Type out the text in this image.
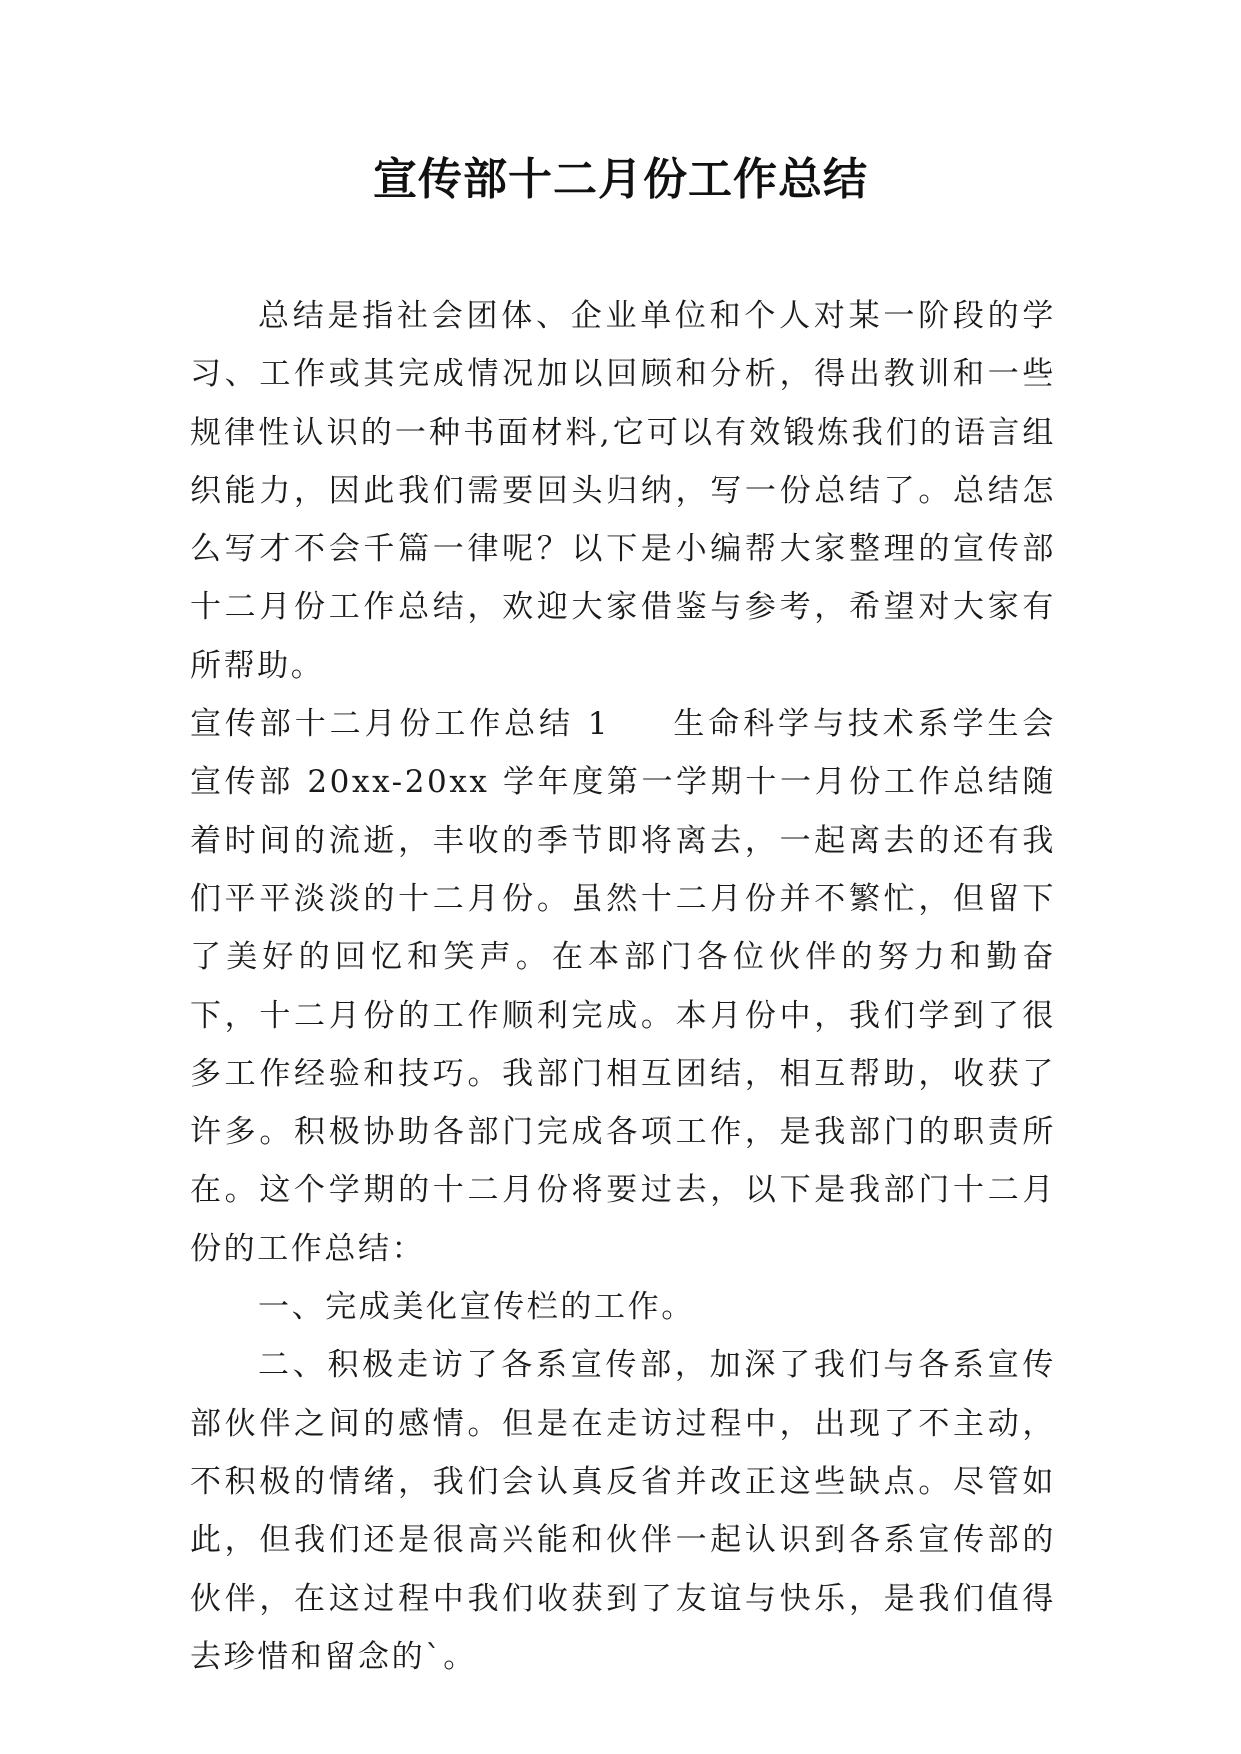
宣传部十二月份工作总结

总结是指社会团体、企业单位和个人对某一阶段的学习、工作或其完成情况加以回顾和分析，得出教训和一些规律性认识的一种书面材料,它可以有效锻炼我们的语言组织能力，因此我们需要回头归纳，写一份总结了。总结怎么写才不会千篇一律呢？以下是小编帮大家整理的宣传部十二月份工作总结，欢迎大家借鉴与参考，希望对大家有所帮助。

宣传部十二月份工作总结 1 生命科学与技术系学生会宣传部 20xx-20xx 学年度第一学期十一月份工作总结随着时间的流逝，丰收的季节即将离去，一起离去的还有我们平平淡淡的十二月份。虽然十二月份并不繁忙，但留下了美好的回忆和笑声。在本部门各位伙伴的努力和勤奋下，十二月份的工作顺利完成。本月份中，我们学到了很多工作经验和技巧。我部门相互团结，相互帮助，收获了许多。积极协助各部门完成各项工作，是我部门的职责所在。这个学期的十二月份将要过去，以下是我部门十二月份的工作总结：

一、完成美化宣传栏的工作。

二、积极走访了各系宣传部，加深了我们与各系宣传部伙伴之间的感情。但是在走访过程中，出现了不主动，不积极的情绪，我们会认真反省并改正这些缺点。尽管如此，但我们还是很高兴能和伙伴一起认识到各系宣传部的伙伴，在这过程中我们收获到了友谊与快乐，是我们值得去珍惜和留念的`。
